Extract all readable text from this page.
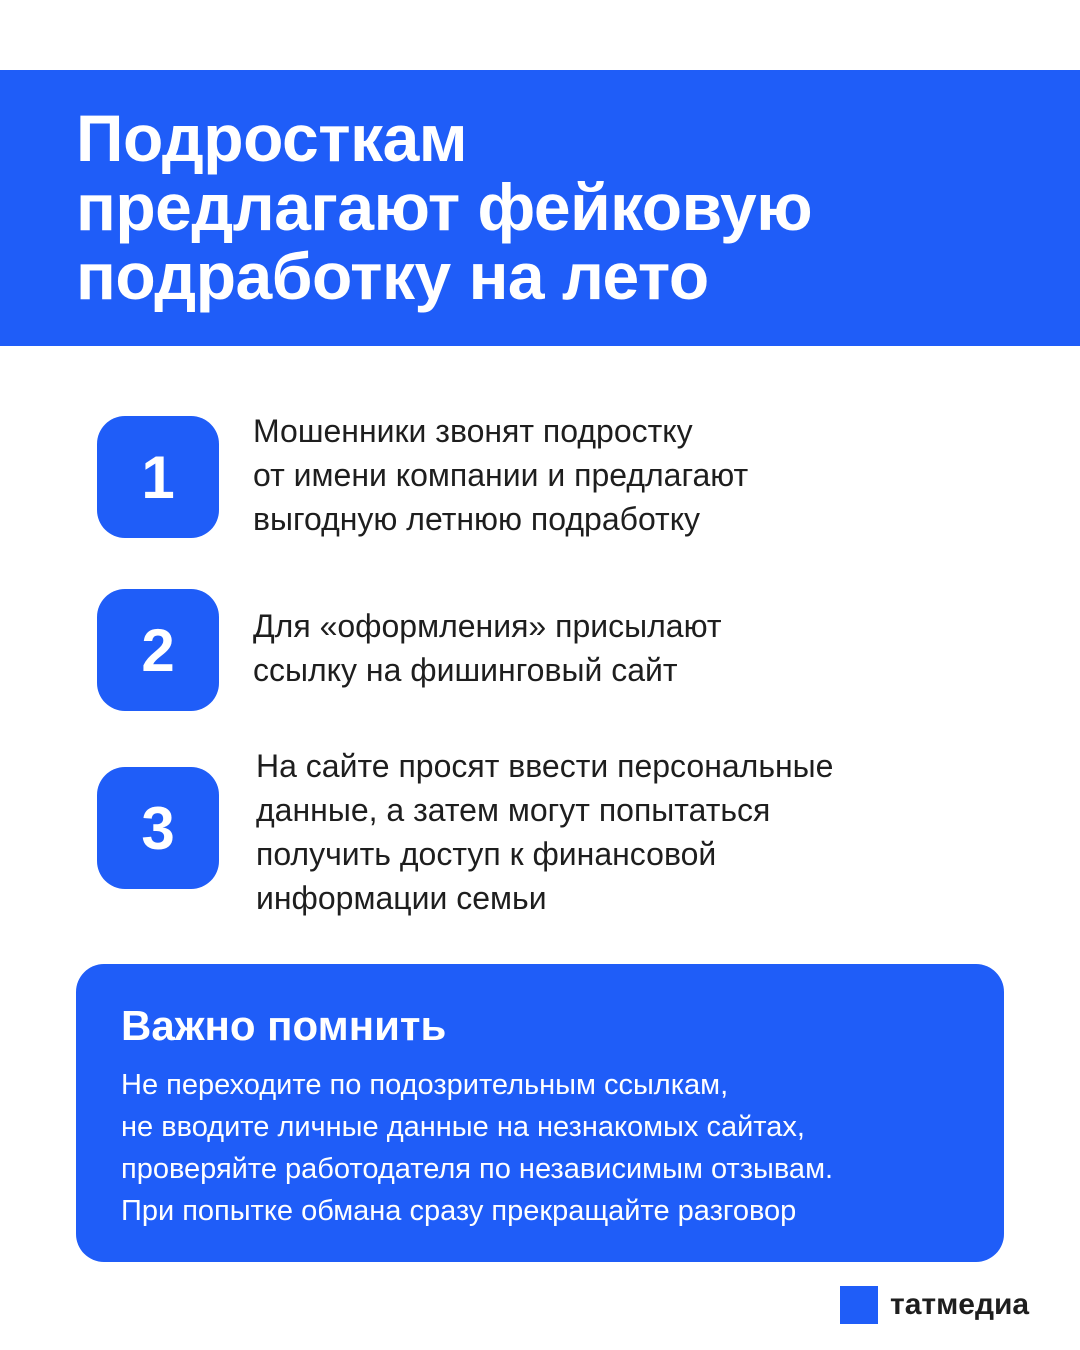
Подросткам
предлагают фейковую
подработку на лето
1
Мошенники звонят подростку
от имени компании и предлагают
выгодную летнюю подработку
2	Для «оформления» присылают
ссылку на фишинговый сайт
3
На сайте просят ввести персональные
данные, а затем могут попытаться
получить доступ к финансовой
информации семьи
Важно помнить
Не переходите по подозрительным ссылкам,
не вводите личные данные на незнакомых сайтах,
проверяйте работодателя по независимым отзывам.
При попытке обмана сразу прекращайте разговор
татмедиа
